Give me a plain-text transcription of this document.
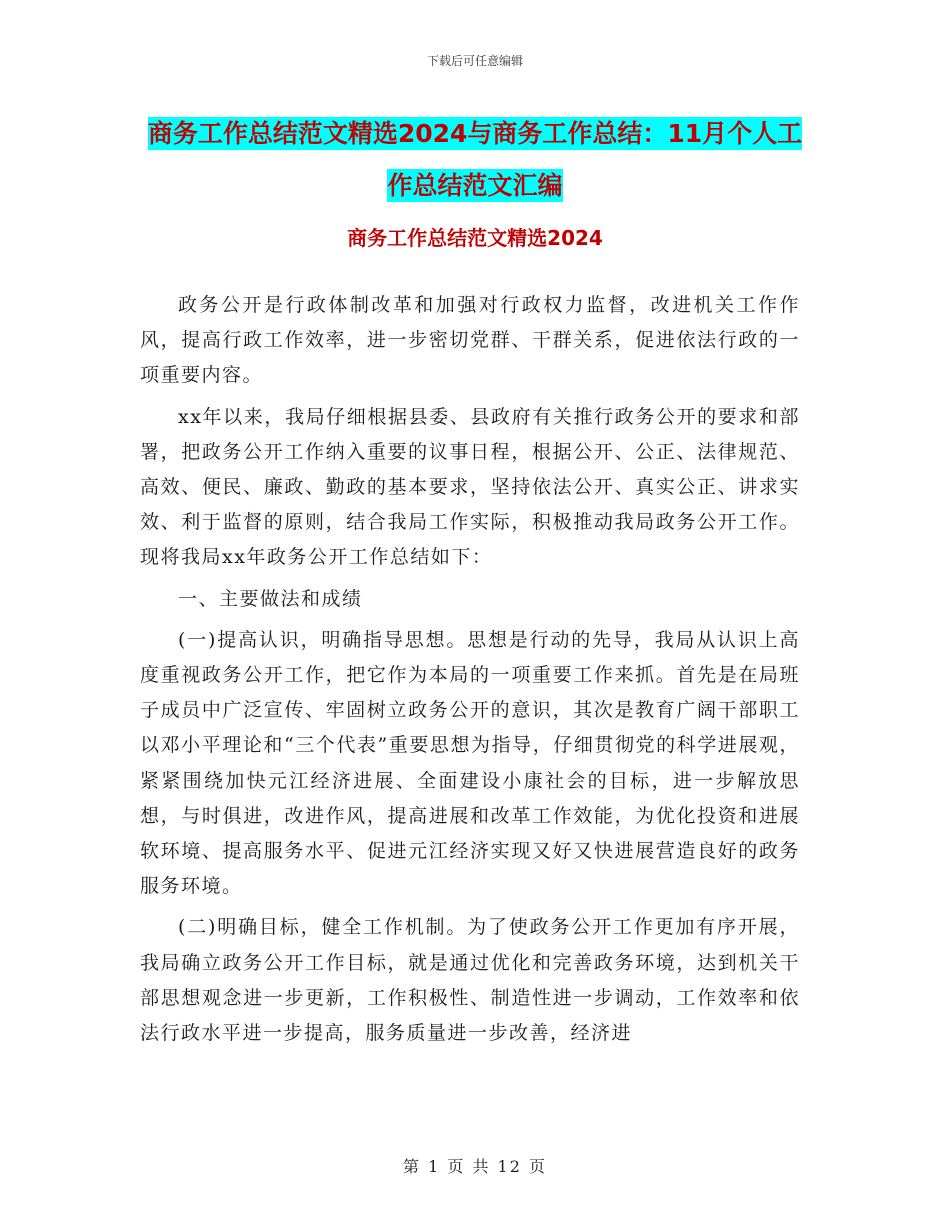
下载后可任意编辑
商务工作总结范文精选2024与商务工作总结：11月个人工作总结范文汇编
商务工作总结范文精选2024

政务公开是行政体制改革和加强对行政权力监督，改进机关工作作风，提高行政工作效率，进一步密切党群、干群关系，促进依法行政的一项重要内容。

xx年以来，我局仔细根据县委、县政府有关推行政务公开的要求和部署，把政务公开工作纳入重要的议事日程，根据公开、公正、法律规范、高效、便民、廉政、勤政的基本要求，坚持依法公开、真实公正、讲求实效、利于监督的原则，结合我局工作实际，积极推动我局政务公开工作。现将我局xx年政务公开工作总结如下：

一、主要做法和成绩

(一)提高认识，明确指导思想。思想是行动的先导，我局从认识上高度重视政务公开工作，把它作为本局的一项重要工作来抓。首先是在局班子成员中广泛宣传、牢固树立政务公开的意识，其次是教育广阔干部职工以邓小平理论和“三个代表”重要思想为指导，仔细贯彻党的科学进展观，紧紧围绕加快元江经济进展、全面建设小康社会的目标，进一步解放思想，与时俱进，改进作风，提高进展和改革工作效能，为优化投资和进展软环境、提高服务水平、促进元江经济实现又好又快进展营造良好的政务服务环境。

(二)明确目标，健全工作机制。为了使政务公开工作更加有序开展，我局确立政务公开工作目标，就是通过优化和完善政务环境，达到机关干部思想观念进一步更新，工作积极性、制造性进一步调动，工作效率和依法行政水平进一步提高，服务质量进一步改善，经济进

第 1 页 共 12 页
